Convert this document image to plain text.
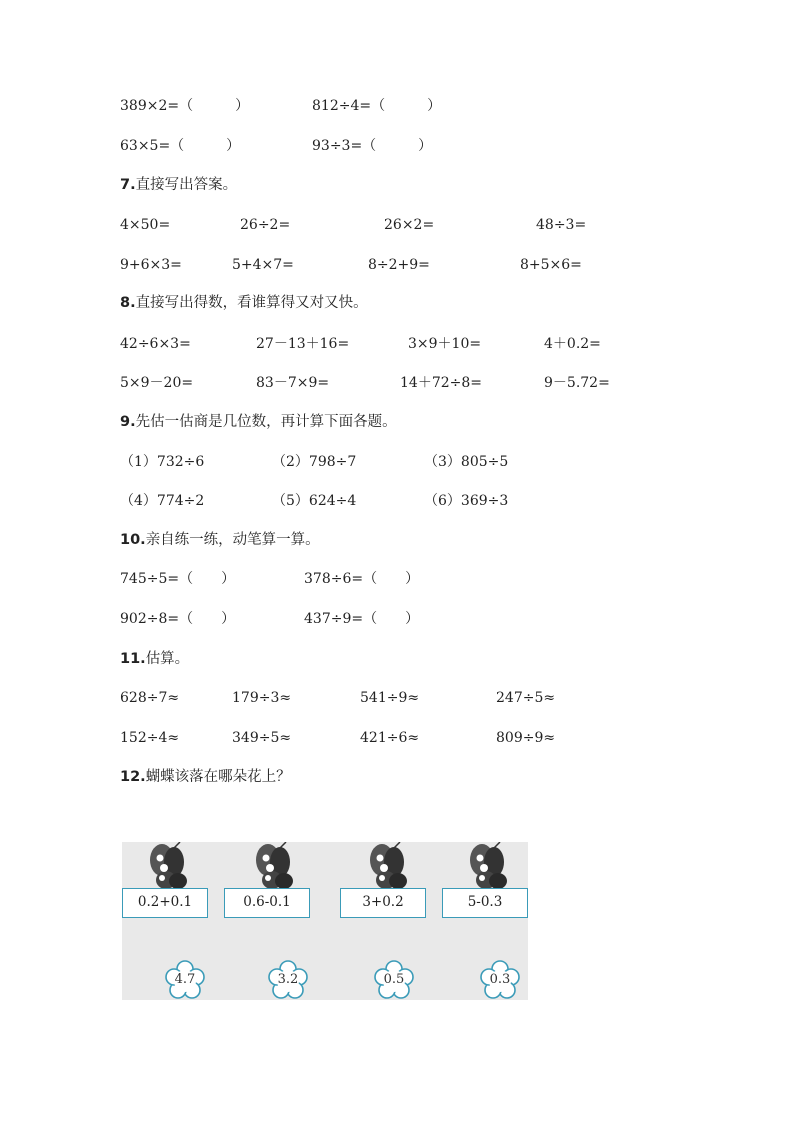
389×2=（　　　）	812÷4=（　　　）
63×5=（　　　）	93÷3=（　　　）
7.直接写出答案。
4×50=	26÷2=	26×2=	48÷3=
9+6×3=	5+4×7=	8÷2+9=	8+5×6=
8.直接写出得数，看谁算得又对又快。
42÷6×3=	27－13＋16=	3×9＋10=	4＋0.2=
5×9－20=	83－7×9=	14＋72÷8=	9－5.72=
9.先估一估商是几位数，再计算下面各题。
（1）732÷6	（2）798÷7	（3）805÷5
（4）774÷2	（5）624÷4	（6）369÷3
10.亲自练一练，动笔算一算。
745÷5=（　　）	378÷6=（　　）
902÷8=（　　）	437÷9=（　　）
11.估算。
628÷7≈	179÷3≈	541÷9≈	247÷5≈
152÷4≈	349÷5≈	421÷6≈	809÷9≈
12.蝴蝶该落在哪朵花上？
0.2+0.1	0.6-0.1	3+0.2	5-0.3
4.7	3.2	0.5	0.3
